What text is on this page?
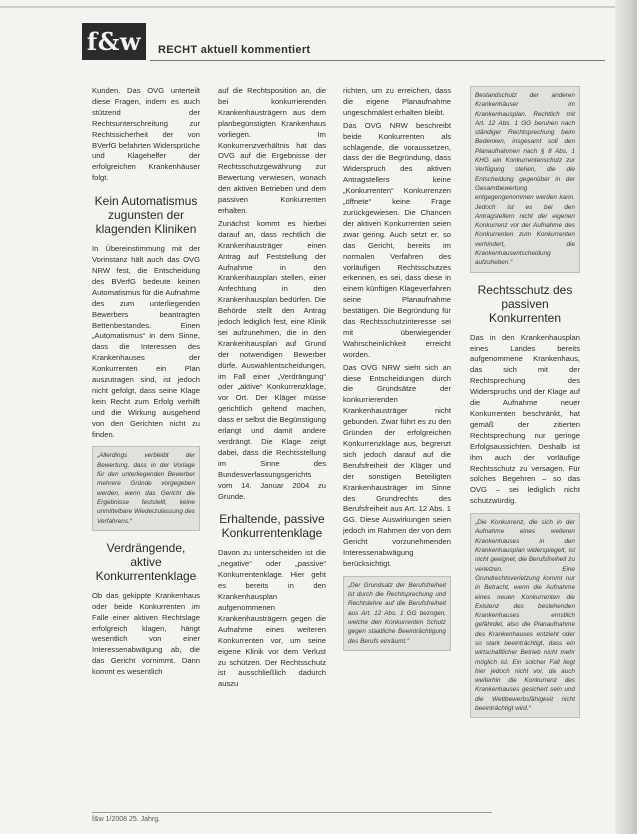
f&w	RECHT aktuell kommentiert

Kunden. Das OVG unterteilt diese Fragen, indem es auch stützend der Rechtsunterschreitung zur Rechtssicherheit der von BVerfG befahrten Widersprüche und Klagehelfer der erfolgreichen Krankenhäuser folgt.

Kein Automatismus zugunsten der klagenden Kliniken

In Übereinstimmung mit der Vorinstanz hält auch das OVG NRW fest, die Entscheidung des BVerfG bedeute keinen Automatismus für die Aufnahme des zum unterliegenden Bewerbers beantragten Bettenbestandes. Einen „Automatismus“ in dem Sinne, dass die Interessen des Krankenhauses der Konkurrenten ein Plan auszutragen sind, ist jedoch nicht gefolgt, dass seine Klage kein Recht zum Erfolg verhilft und die Wirkung ausgehend von den Gerichten nicht zu finden.

„Allerdings verbleibt der Bewertung, dass in der Vorlage für den unterliegenden Bewerber mehrere Gründe vorgegeben werden, wenn das Gericht die Ergebnisse feststellt, keine unmittelbare Wiederzulassung des Verfahrens.“
Verdrängende, aktive Konkurrentenklage

Ob das gekippte Krankenhaus oder beide Konkurrenten im Falle einer aktiven Rechtslage erfolgreich klagen, hängt wesentlich von einer Interessenabwägung ab, die das Gericht vornimmt. Dann kommt es wesentlich

auf die Rechtsposition an, die bei konkurrierenden Krankenhausträgern aus dem planbegünstigten Krankenhaus vorliegen. Im Konkurrenzverhältnis hat das OVG auf die Ergebnisse der Rechtsschutzgewährung zur Bewertung verwiesen, wonach den aktiven Betrieben und dem passiven Konkurrenten erhalten.

Zunächst kommt es hierbei darauf an, dass rechtlich die Krankenhausträger einen Antrag auf Feststellung der Aufnahme in den Krankenhausplan stellen, einer Anfechtung in den Krankenhausplan bedürfen. Die Behörde stellt den Antrag jedoch lediglich fest, eine Klinik sei aufzunehmen, die in den Krankenhausplan auf Grund der notwendigen Bewerber dürfe. Auswahlentscheidungen, im Fall einer „Verdrängung“ oder „aktive“ Konkurrenzklage, vor Ort. Der Kläger müsse gerichtlich geltend machen, dass er selbst die Begünstigung erlangt und damit andere verdrängt. Die Klage zeigt dabei, dass die Rechtsstellung im Sinne des Bundesverfassungsgerichts vom 14. Januar 2004 zu Grunde.

Erhaltende, passive Konkurrentenklage

Davon zu unterscheiden ist die „negative“ oder „passive“ Konkurrentenklage. Hier geht es bereits in den Krankenhausplan aufgenommenen Krankenhausträgern gegen die Aufnahme eines weiteren Konkurrenten vor, um seine eigene Klinik vor dem Verlust zu schützen. Der Rechtsschutz ist ausschließlich dadurch auszu

richten, um zu erreichen, dass die eigene Planaufnahme ungeschmälert erhalten bleibt.

Das OVG NRW beschreibt beide Konkurrenten als schlagende, die voraussetzen, dass der die Begründung, dass Widerspruch des aktiven Antragstellers keine „Konkurrenten“ Konkurrenzen „öffnete“ keine Frage zurückgewiesen. Die Chancen der aktiven Konkurrenten seien zwar gering. Auch setzt er, so das Gericht, bereits im normalen Verfahren des vorläufigen Rechtsschutzes erkennen, es sei, dass diese in einem künftigen Klageverfahren seine Planaufnahme bestätigen. Die Begründung für das Rechtsschutzinteresse sei mit überwiegender Wahrscheinlichkeit erreicht worden.

Das OVG NRW sieht sich an diese Entscheidungen durch die Grundsätze der konkurrierenden Krankenhausträger nicht gebunden. Zwar führt es zu den Gründen der erfolgreichen Konkurrenzklage aus, begrenzt sich jedoch darauf auf die Berufsfreiheit der Kläger und der sonstigen Beteiligten Krankenhausträger im Sinne des Grundrechts des Berufsfreiheit aus Art. 12 Abs. 1 GG. Diese Auswirkungen seien jedoch im Rahmen der von dem Gericht vorzunehmenden Interessenabwägung berücksichtigt.

„Der Grundsatz der Berufsfreiheit ist durch die Rechtsprechung und Rechtslehre auf die Berufsfreiheit aus Art. 12 Abs. 1 GG bezogen, welche den Konkurrenten Schutz gegen staatliche Beeinträchtigung des Berufs einräumt.“
Bestandschutz der anderen Krankenhäuser im Krankenhausplan. Rechtlich mit Art. 12 Abs. 1 GG beruhen nach ständiger Rechtsprechung beim Bedenken, insgesamt soll den Planaufnahmen nach § 8 Abs. 1 KHG ein Konkurrentenschutz zur Verfügung stehen, die die Entscheidung gegenüber in der Gesamtbewertung entgegengenommen werden kann. Jedoch ist es bei den Antragstellern nicht der eigenen Konkurrenz vor der Aufnahme des Konkurrenten zum Konkurrenten verhindert, die Krankenhausentscheidung aufzuheben.“
Rechtsschutz des passiven Konkurrenten

Das in den Krankenhausplan eines Landes bereits aufgenommene Krankenhaus, das sich mit der Rechtsprechung des Widerspruchs und der Klage auf die Aufnahme neuer Konkurrenten beschränkt, hat gemäß der zitierten Rechtsprechung nur geringe Erfolgsaussichten. Deshalb ist ihm auch der vorläufige Rechtsschutz zu versagen. Für solches Begehren – so das OVG – sei lediglich nicht schutzwürdig.

„Die Konkurrenz, die sich in der Aufnahme eines weiteren Krankenhauses in den Krankenhausplan widerspiegelt, ist nicht geeignet, die Berufsfreiheit zu verletzen. Eine Grundrechtsverletzung kommt nur in Betracht, wenn die Aufnahme eines neuen Konkurrenten die Existenz des bestehenden Krankenhauses ernstlich gefährdet, also die Planaufnahme des Krankenhauses entzieht oder so stark beeinträchtigt, dass ein wirtschaftlicher Betrieb nicht mehr möglich ist. Ein solcher Fall liegt hier jedoch nicht vor, da auch weiterhin die Konkurrenz des Krankenhauses gesichert sein und die Wettbewerbsfähigkeit nicht beeinträchtigt wird.“
f&w 1/2008 25. Jahrg.
